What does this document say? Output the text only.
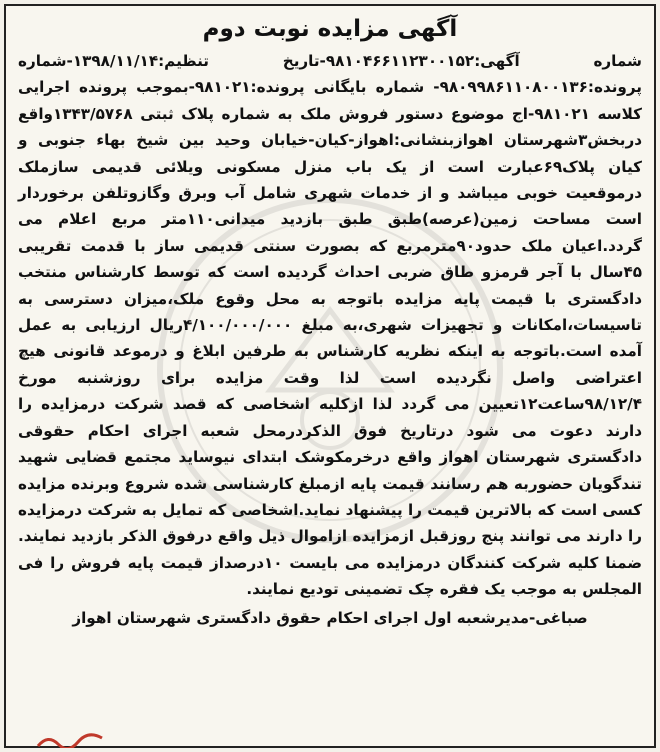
آگهی مزایده نوبت دوم

شماره آگهی:۹۸۱۰۴۶۶۱۱۲۳۰۰۱۵۲-تاریخ تنظیم:۱۳۹۸/۱۱/۱۴-شماره پرونده:۹۸۰۹۹۸۶۱۱۰۸۰۰۱۳۶- شماره بایگانی پرونده:۹۸۱۰۲۱-بموجب پرونده اجرایی کلاسه ۹۸۱۰۲۱-اج موضوع دستور فروش ملک به شماره پلاک ثبتی ۱۳۴۳/۵۷۶۸واقع دربخش۳شهرستان اهوازبنشانی:اهواز-کیان-خیابان وحید بین شیخ بهاء جنوبی و کیان پلاک۶۹عبارت است از یک باب منزل مسکونی ویلائی قدیمی سازملک درموقعیت خوبی میباشد و از خدمات شهری شامل آب وبرق وگازوتلفن برخوردار است مساحت زمین(عرصه)طبق طبق بازدید میدانی۱۱۰متر مربع اعلام می گردد.اعیان ملک حدود۹۰مترمربع که بصورت سنتی قدیمی ساز با قدمت تقریبی ۴۵سال با آجر قرمزو طاق ضربی احداث گردیده است که توسط کارشناس منتخب دادگستری با قیمت پایه مزایده باتوجه به محل وقوع ملک،میزان دسترسی به تاسیسات،امکانات و تجهیزات شهری،به مبلغ ۴/۱۰۰/۰۰۰/۰۰۰ریال ارزیابی به عمل آمده است.باتوجه به اینکه نظریه کارشناس به طرفین ابلاغ و درموعد قانونی هیچ اعتراضی واصل نگردیده است لذا وقت مزایده برای روزشنبه مورخ ۹۸/۱۲/۴ساعت۱۲تعیین می گردد لذا ازکلیه اشخاصی که قصد شرکت درمزایده را دارند دعوت می شود درتاریخ فوق الذکردرمحل شعبه اجرای احکام حقوقی دادگستری شهرستان اهواز واقع درخرمکوشک ابتدای نیوساید مجتمع قضایی شهید تندگویان حضوربه هم رسانند قیمت پایه ازمبلغ کارشناسی شده شروع وبرنده مزایده کسی است که بالاترین قیمت را پیشنهاد نماید.اشخاصی که تمایل به شرکت درمزایده را دارند می توانند پنج روزقبل ازمزایده ازاموال ذیل واقع درفوق الذکر بازدید نمایند. ضمنا کلیه شرکت کنندگان درمزایده می بایست ۱۰درصداز قیمت پایه فروش را فی المجلس به موجب یک فقره چک تضمینی تودیع نمایند.

صباغی-مدیرشعبه اول اجرای احکام حقوق دادگستری شهرستان اهواز
